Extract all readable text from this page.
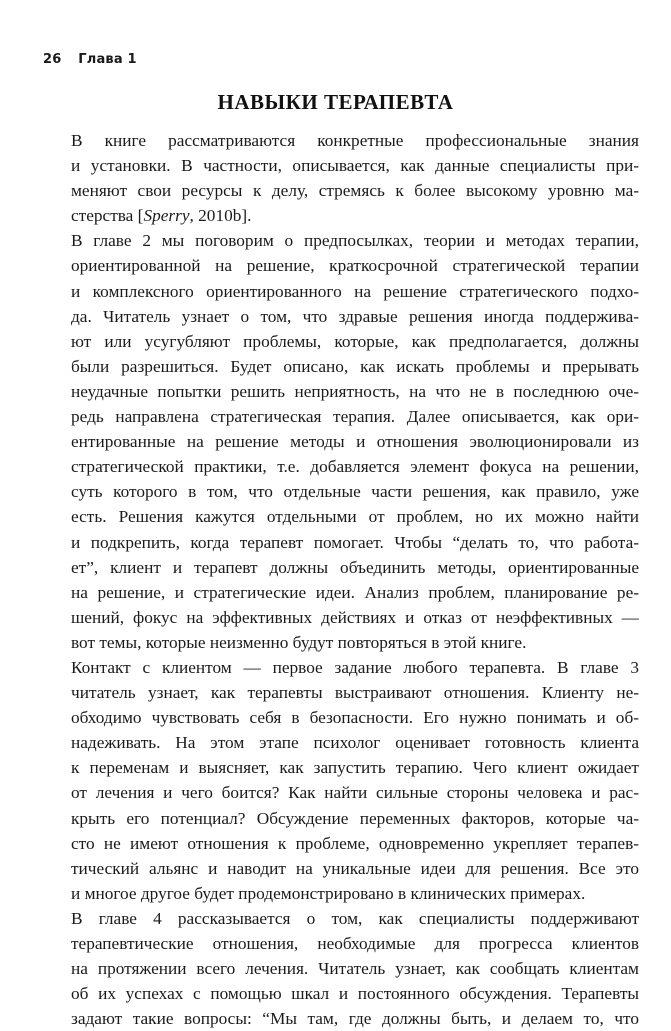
26 Глава 1
НАВЫКИ ТЕРАПЕВТА

В книге рассматриваются конкретные профессиональные знания
и установки. В частности, описывается, как данные специалисты при-
меняют свои ресурсы к делу, стремясь к более высокому уровню ма-
стерства [Sperry, 2010b].

В главе 2 мы поговорим о предпосылках, теории и методах терапии,
ориентированной на решение, краткосрочной стратегической терапии
и комплексного ориентированного на решение стратегического подхо-
да. Читатель узнает о том, что здравые решения иногда поддержива-
ют или усугубляют проблемы, которые, как предполагается, должны
были разрешиться. Будет описано, как искать проблемы и прерывать
неудачные попытки решить неприятность, на что не в последнюю оче-
редь направлена стратегическая терапия. Далее описывается, как ори-
ентированные на решение методы и отношения эволюционировали из
стратегической практики, т.е. добавляется элемент фокуса на решении,
суть которого в том, что отдельные части решения, как правило, уже
есть. Решения кажутся отдельными от проблем, но их можно найти
и подкрепить, когда терапевт помогает. Чтобы “делать то, что работа-
ет”, клиент и терапевт должны объединить методы, ориентированные
на решение, и стратегические идеи. Анализ проблем, планирование ре-
шений, фокус на эффективных действиях и отказ от неэффективных —
вот темы, которые неизменно будут повторяться в этой книге.

Контакт с клиентом — первое задание любого терапевта. В главе 3
читатель узнает, как терапевты выстраивают отношения. Клиенту не-
обходимо чувствовать себя в безопасности. Его нужно понимать и об-
надеживать. На этом этапе психолог оценивает готовность клиента
к переменам и выясняет, как запустить терапию. Чего клиент ожидает
от лечения и чего боится? Как найти сильные стороны человека и рас-
крыть его потенциал? Обсуждение переменных факторов, которые ча-
сто не имеют отношения к проблеме, одновременно укрепляет терапев-
тический альянс и наводит на уникальные идеи для решения. Все это
и многое другое будет продемонстрировано в клинических примерах.

В главе 4 рассказывается о том, как специалисты поддерживают
терапевтические отношения, необходимые для прогресса клиентов
на протяжении всего лечения. Читатель узнает, как сообщать клиентам
об их успехах с помощью шкал и постоянного обсуждения. Терапевты
задают такие вопросы: “Мы там, где должны быть, и делаем то, что
